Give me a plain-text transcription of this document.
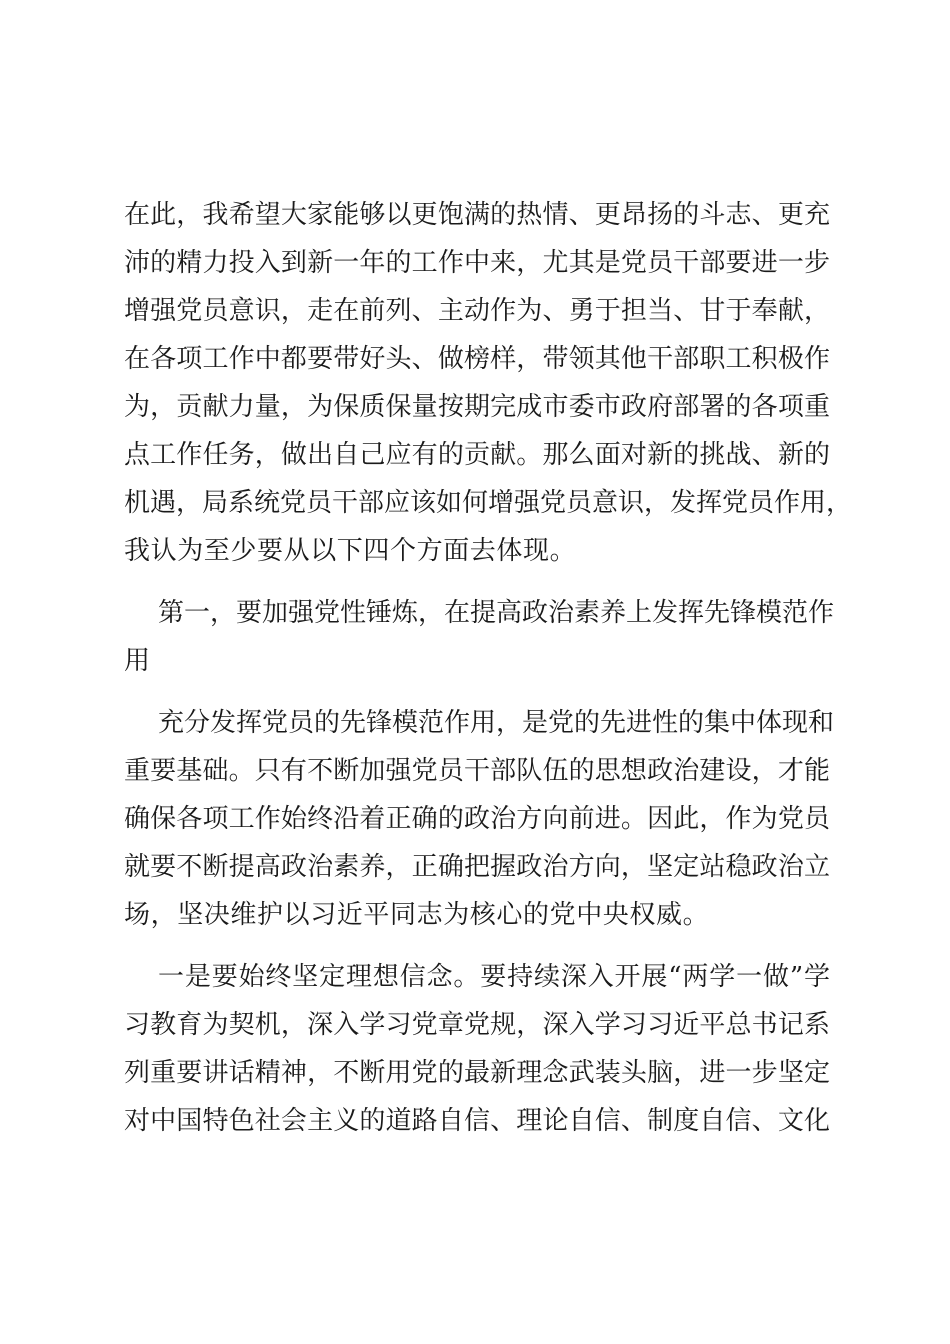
在此，我希望大家能够以更饱满的热情、更昂扬的斗志、更充
沛的精力投入到新一年的工作中来，尤其是党员干部要进一步
增强党员意识，走在前列、主动作为、勇于担当、甘于奉献，
在各项工作中都要带好头、做榜样，带领其他干部职工积极作
为，贡献力量，为保质保量按期完成市委市政府部署的各项重
点工作任务，做出自己应有的贡献。那么面对新的挑战、新的
机遇，局系统党员干部应该如何增强党员意识，发挥党员作用，
我认为至少要从以下四个方面去体现。
第一，要加强党性锤炼，在提高政治素养上发挥先锋模范作
用
充分发挥党员的先锋模范作用，是党的先进性的集中体现和
重要基础。只有不断加强党员干部队伍的思想政治建设，才能
确保各项工作始终沿着正确的政治方向前进。因此，作为党员
就要不断提高政治素养，正确把握政治方向，坚定站稳政治立
场，坚决维护以习近平同志为核心的党中央权威。
一是要始终坚定理想信念。要持续深入开展“两学一做”学
习教育为契机，深入学习党章党规，深入学习习近平总书记系
列重要讲话精神，不断用党的最新理念武装头脑，进一步坚定
对中国特色社会主义的道路自信、理论自信、制度自信、文化
